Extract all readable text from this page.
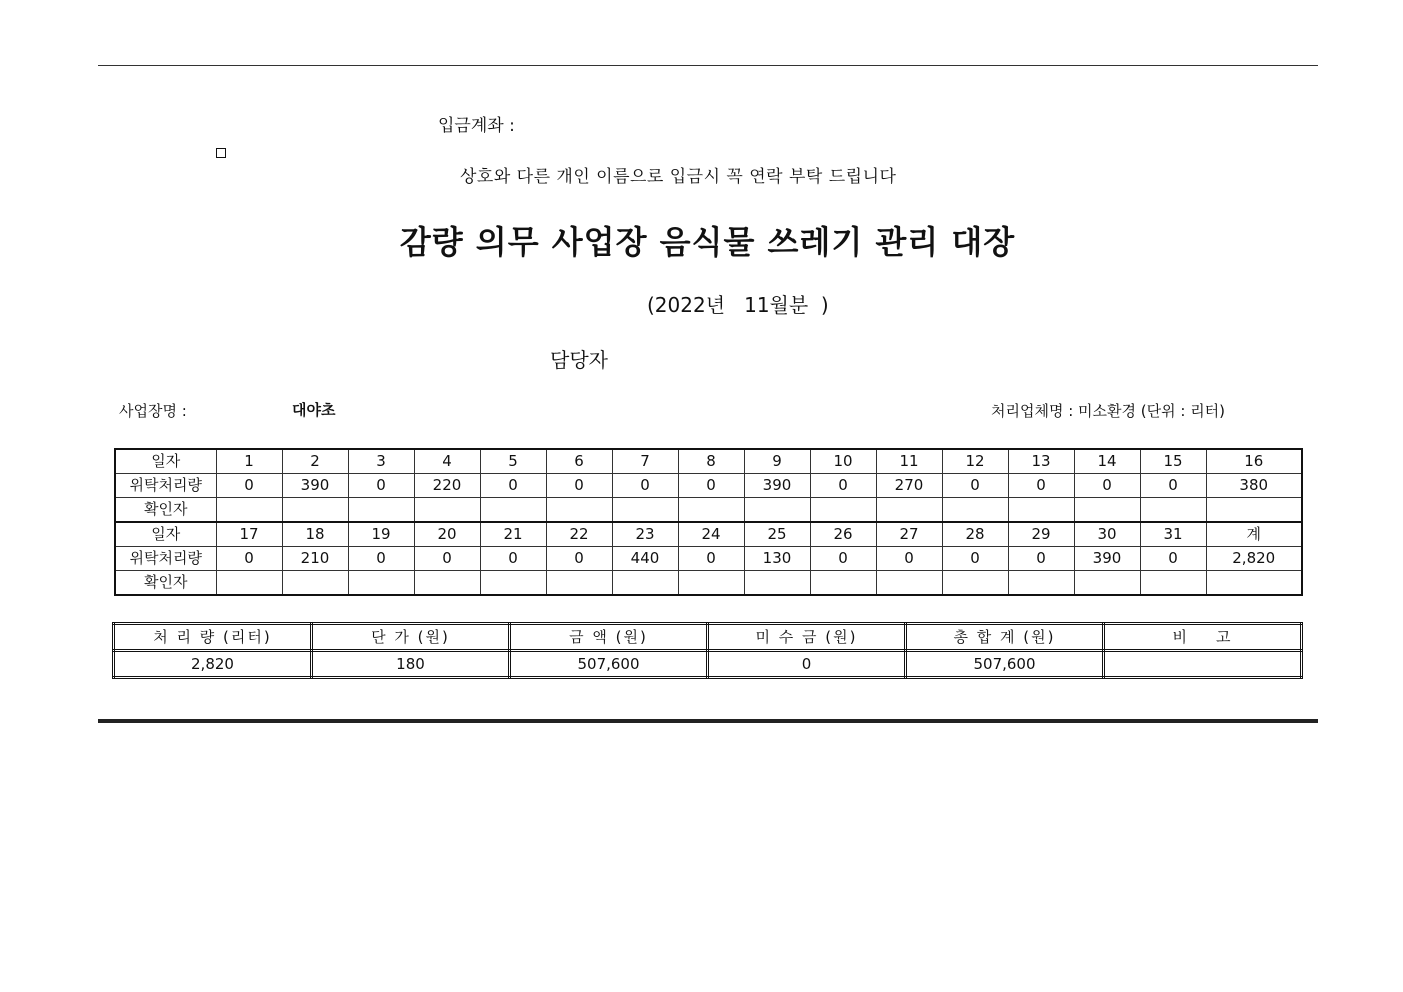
입금계좌 :
상호와 다른 개인 이름으로 입금시 꼭 연락 부탁 드립니다
감량 의무 사업장 음식물 쓰레기 관리 대장
(2022년   11월분  )
담당자
사업장명 :	대야초	처리업체명 : 미소환경 (단위 : 리터)
일자	1	2	3	4	5	6	7	8	9	10	11	12	13	14	15	16
위탁처리량	0	390	0	220	0	0	0	0	390	0	270	0	0	0	0	380
확인자																
일자	17	18	19	20	21	22	23	24	25	26	27	28	29	30	31	계
위탁처리량	0	210	0	0	0	0	440	0	130	0	0	0	0	390	0	2,820
확인자																
처 리 량 (리터)	단 가 (원)	금 액 (원)	미 수 금 (원)	총 합 계 (원)	비    고
2,820	180	507,600	0	507,600	
